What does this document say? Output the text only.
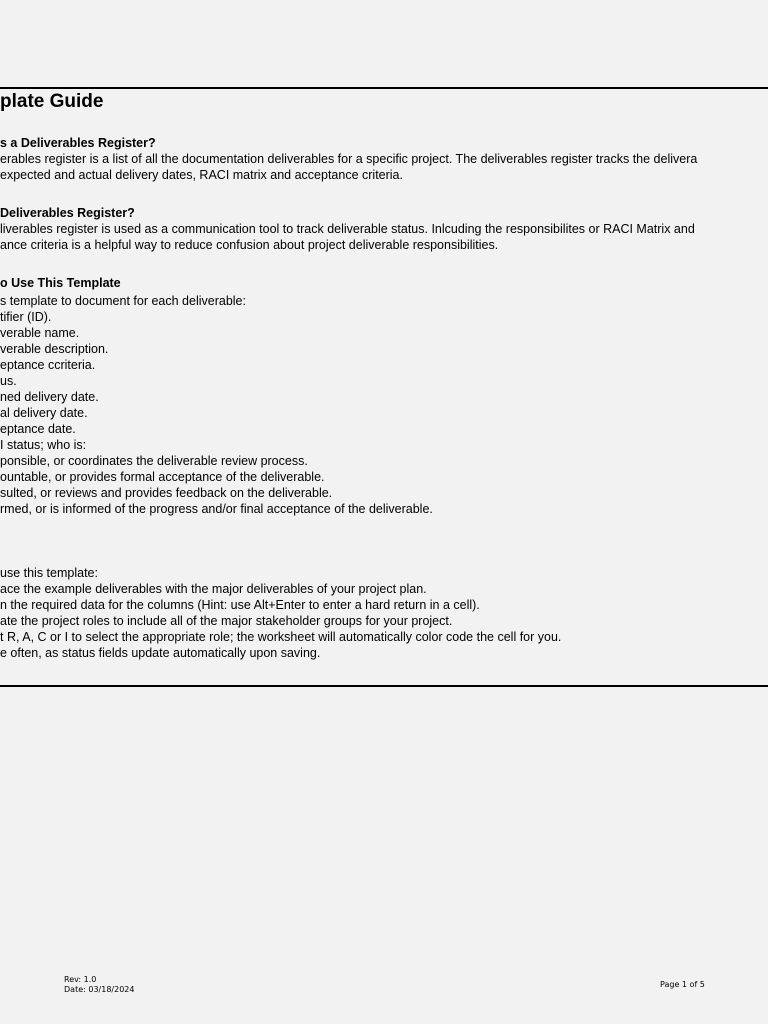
plate Guide
s a Deliverables Register?
erables register is a list of all the documentation deliverables for a specific project. The deliverables register tracks the delivera
expected and actual delivery dates, RACI matrix and acceptance criteria.
Deliverables Register?
liverables register is used as a communication tool to track deliverable status. Inlcuding the responsibilites or RACI Matrix and
ance criteria is a helpful way to reduce confusion about project deliverable responsibilities.
o Use This Template
s template to document for each deliverable:
tifier (ID).
verable name.
verable description.
eptance ccriteria.
us.
ned delivery date.
al delivery date.
eptance date.
I status; who is:
ponsible, or coordinates the deliverable review process.
ountable, or provides formal acceptance of the deliverable.
sulted, or reviews and provides feedback on the deliverable.
rmed, or is informed of the progress and/or final acceptance of the deliverable.
use this template:
ace the example deliverables with the major deliverables of your project plan.
n the required data for the columns (Hint: use Alt+Enter to enter a hard return in a cell).
ate the project roles to include all of the major stakeholder groups for your project.
t R, A, C or I to select the appropriate role; the worksheet will automatically color code the cell for you.
e often, as status fields update automatically upon saving.
Rev: 1.0
Date: 03/18/2024
Page 1 of 5
